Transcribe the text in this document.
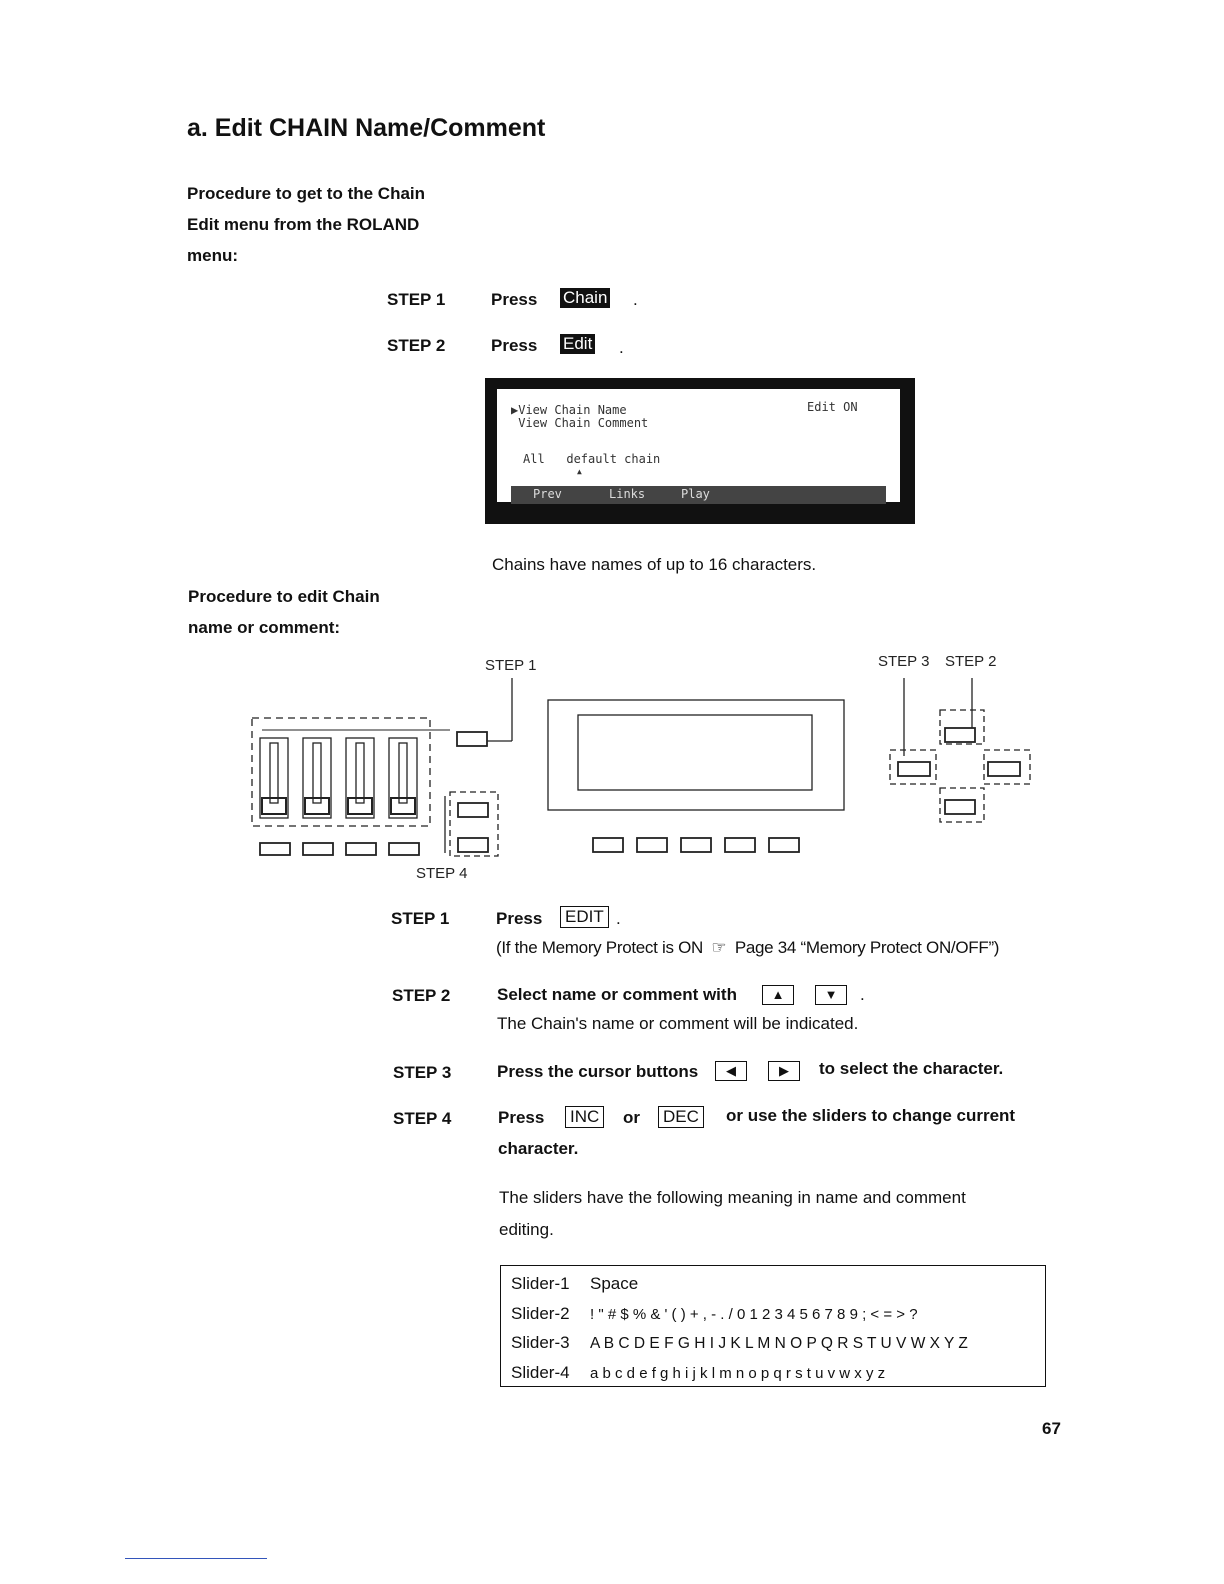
a. Edit CHAIN Name/Comment
Procedure to get to the Chain
Edit menu from the ROLAND
menu:
STEP 1	Press Chain .
STEP 2	Press Edit .
▶View Chain Name
View Chain Comment
Edit ON
All   default chain
▲
Prev	Links	Play
Chains have names of up to 16 characters.
Procedure to edit Chain
name or comment:
STEP 1	STEP 3 STEP 2
STEP 4
STEP 1	Press EDIT .
(If the Memory Protect is ON ☞ Page 34 “Memory Protect ON/OFF”)
STEP 2	Select name or comment with	▲	▼	.
The Chain's name or comment will be indicated.
STEP 3	Press the cursor buttons	◀	▶	to select the character.
STEP 4	Press INC or DEC or use the sliders to change current
character.
The sliders have the following meaning in name and comment
editing.
Slider-1 Space
Slider-2 ! " # $ % & ' ( ) + , - . / 0 1 2 3 4 5 6 7 8 9 ; < = > ?
Slider-3 A B C D E F G H I J K L M N O P Q R S T U V W X Y Z
Slider-4 a b c d e f g h i j k l m n o p q r s t u v w x y z
67
